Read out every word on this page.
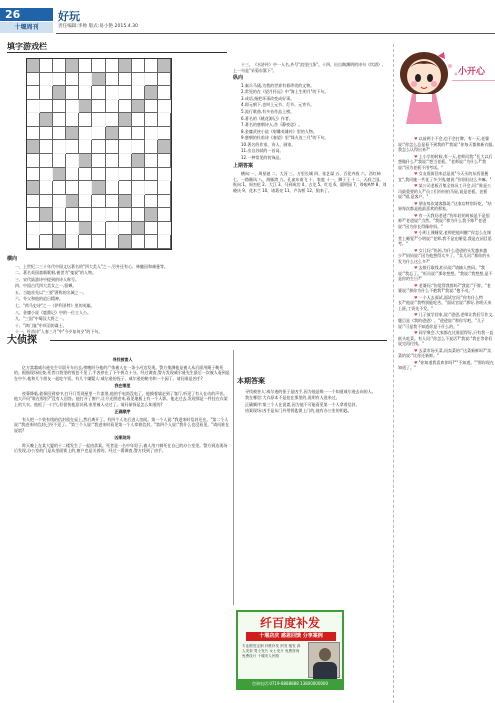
26
十堰周刊
好玩
责任编辑:李帅 版式:易小艳 2015.4.30
填字游戏栏
横向

一、上世纪二三十年代中国文坛著名的"四大美人"之一,另外还有心、林徽因和虞曼等。

二、著名英国童载歌唱,被誉为"鬼说"的人物。

三、宋代陆游诗中提到的诗人称号。

四、中国古代四大美女之一,貂蝉。

五、当地首先以"三要"著称的名城之一。

六、夸父和他的追日精神。

七、"荷马史诗"之一《伊利亚特》里的英雄。

八、金庸小说《鹿鼎记》中的一位主人公。

九、"三国"中蜀汉大将之一。

十、"鸿门宴"中项羽的谋士。

十一、杜甫诗"入春三月"中"今夕复何夕"的下句。

十三、《水浒传》中一人名,外号"浪里白条"。十四、出自陶渊明的诗句《饮酒》,上一句是"采菊东篱下"。

纵向

1.秦兵马俑,为我的世界有着珍贵的文物。

2.常见的在《望月怀远》中"海上生明月"的下句。

3.成语,指把坏事改变成好事。

4.即元朝下,也叫上元节、灯节、元宵节。

5.流行歌曲,有多首作品上榜。

6.著名的《桃花源记》作者。

7.著名的唐朝诗人,作《静夜思》。

8.金庸武侠小说《射雕英雄传》里的人物。

9.唐朝的杜甫诗《春望》里"烽火连三月"的下句。

10.著名的作家、诗人、画家。

11.出自苏轼的一首词。

12.一种常见的装饰品。

上期答案

横向:一、周星驰 二、大河 三、万里长城 四、张艺谋 五、百花齐放 六、西红柿 七、一路顺风 八、海豚湾 九、孔雀东南飞 十、家庭 十一、狮子王 十二、天府之国。纵向:1、周杰伦 2、大江 3、马到成功 4、古龙 5、红毛 6、圆明园 7、哆啦A梦 8、刘晓庆 9、花木兰 10、诸葛亮 11、卢沟桥 12、狼来了。

大侦探
寻找被害人

亿万富翁威尔逊先生早晨开车出去,傍晚时分他的尸体被人在一条小河边发现。警方推测他是被人从后面用绳子勒死的。根据现场检查,死者口袋里的钱包不见了,手表停在了下午两点十分。经过调查,警方发现威尔逊先生最后一次被人看到是在中午,他和几个朋友一起吃午饭。有几个嫌疑人:威尔逊的侄子、威尔逊的秘书和一个园丁。请问谁是凶手?

我在哪里

夜幕降临,侦探回到家中,打开门发现屋里一片漆黑,他的手电筒没电了。他摸着墙走到了客厅,听见了有人在动的声音。他大声问"谁在那里?"没有人回答。他打开了窗户,让月光照进来,看见地板上有一个人影。他走过去,发现那是一件挂在衣架上的大衣。他松了一口气,但很快他意识到,家里被人动过了。请问侦探是怎么知道的?

正确顺序

有人把一个装有钱的信封放在桌上,然后离开了。有四个人先后进入房间。第一个人说:"我进来时信封还在。"第二个人说:"我进来时信封已经不见了。"第三个人说:"我进来时看见第一个人拿着信封。"第四个人说:"我什么也没看见。"请问谁在说谎?

凶案现场

昨天晚上在某大厦的十二楼发生了一起凶杀案。死者是一名中年男子,被人用刀刺死在自己的办公室里。警方到达现场后发现,办公室的门是从里面锁上的,窗户也是关着的。经过一番调查,警方找到了凶手。

本期答案

寻找被害人:威尔逊的侄子是凶手,因为他是唯一一个知道威尔逊去向的人。

我在哪里:大衣原本不是挂在那里的,说明有人进来过。

正确顺序:第三个人在说谎,因为他不可能看见第一个人拿着信封。

凶案现场:凶手是从门外用钥匙锁上门的,他有办公室的钥匙。

纤百度补发
十堰店庆 感恩回馈 分享案例
专业假发定制 纤维补发 织发 植发 真人发套 男士发片 女士发片 免费咨询 免费设计 十堰市人民路
咨询电话:0719-8888888 13800000000
小开心

♥以前两个不会,也不会打牌。有一天,老婆说:"你怎么总是看不到我的?"我说:"你每天都换新衣服,我怎么认得出来?"

♥上小学的时候,有一天,老师问我:"长大以后想做什么?"我说:"想当老板。"老师说:"为什么?"我说:"因为老板不用考试。"

♥女友逛街回来总是说"今天买的东西很便宜",我问她一共花了多少钱,她说:"你别问这么多嘛。"

♥某公司老板召集全体员工开会,问:"谁是公司最重要的人?"员工们纷纷拍马屁,说是老板。老板说:"错,是客户。"

♥朋友每次请客都说:"这家店特别好吃。"结果每次都是他最喜欢的那家。

♥有一天我问老爸:"你年轻的时候是不是很帅?"老爸说:"当然。"我说:"那为什么我不帅?"老爸说:"因为你长得像你妈。"

♥小明上课睡觉,老师把他叫醒:"你怎么在课堂上睡觉?"小明说:"老师,我不是在睡觉,我是在闭目思考。"

♥女儿问:"妈妈,为什么爸爸的头发越来越少?"妈妈说:"因为他想得太多了。"女儿问:"那你的头发为什么这么多?"

♥去银行取钱,柜员说:"请输入密码。"我说:"我忘了。"柜员说:"那你想想。"我说:"我想想,是不是你的生日?"

♥老婆问:"你觉得我胖吗?"我说:"不胖。"老婆说:"那你为什么不抱我?"我说:"抱不动。"

♥一个人去面试,面试官问:"你有什么特长?"他说:"我特别能吃苦。"面试官说:"那好,你明天来上班,工资先不发。"

♥儿子放学回家,说:"爸爸,老师让我们写作文,题目是《我的爸爸》。"爸爸说:"那你写吧。"儿子说:"可是我不知道你是干什么的。"

♥同学聚会,大家都在比谁混得好,只有我一直低头吃菜。有人问:"你怎么不说话?"我说:"我在等你们说完再付钱。"

♥去菜市场买菜,问卖菜的:"这菜新鲜吗?"卖菜的说:"比你还新鲜。"

♥"你知道我喜欢你吗?""不知道。""那你现在知道了。"
